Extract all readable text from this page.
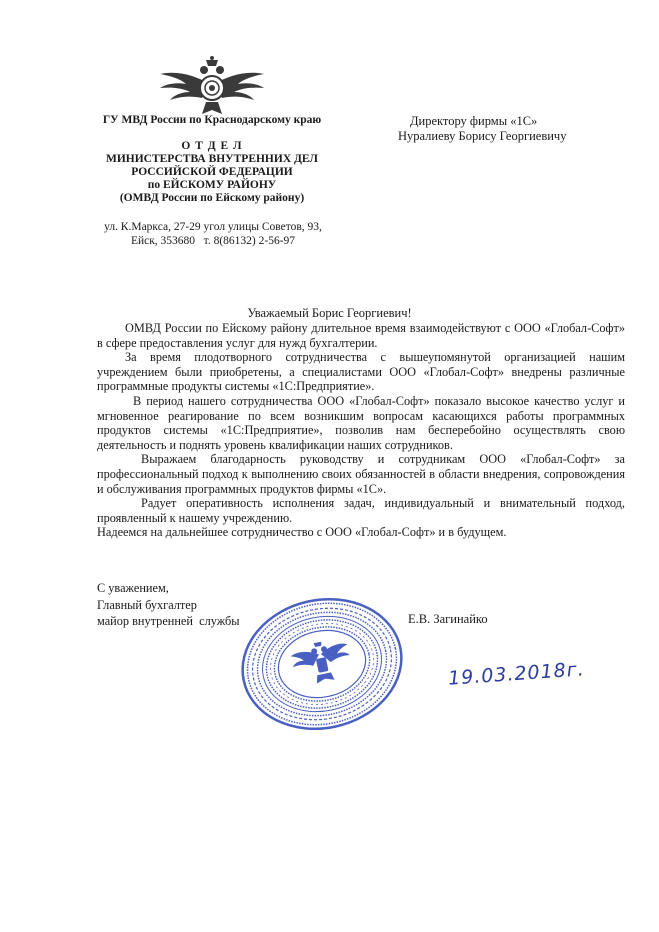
ГУ МВД России по Краснодарскому краю
О Т Д Е Л
МИНИСТЕРСТВА ВНУТРЕННИХ ДЕЛ
РОССИЙСКОЙ ФЕДЕРАЦИИ
по ЕЙСКОМУ РАЙОНУ
(ОМВД России по Ейскому району)
ул. К.Маркса, 27-29 угол улицы Советов, 93,
Ейск, 353680   т. 8(86132) 2-56-97
Директору фирмы «1С»
Нуралиеву Борису Георгиевичу
Уважаемый Борис Георгиевич!

ОМВД России по Ейскому району длительное время взаимодействуют с ООО «Глобал-Софт» в сфере предоставления услуг для нужд бухгалтерии.

За время плодотворного сотрудничества с вышеупомянутой организацией нашим учреждением были приобретены, а специалистами ООО «Глобал-Софт» внедрены различные программные продукты системы «1С:Предприятие».

В период нашего сотрудничества ООО «Глобал-Софт» показало высокое качество услуг и мгновенное реагирование по всем возникшим вопросам касающихся работы программных продуктов системы «1С:Предприятие», позволив нам бесперебойно осуществлять свою деятельность и поднять уровень квалификации наших сотрудников.

Выражаем благодарность руководству и сотрудникам ООО «Глобал-Софт» за профессиональный подход к выполнению своих обязанностей в области внедрения, сопровождения и обслуживания программных продуктов фирмы «1С».

Радует оперативность исполнения задач, индивидуальный и внимательный подход, проявленный к нашему учреждению.

Надеемся на дальнейшее сотрудничество с ООО «Глобал-Софт» и в будущем.

С уважением,
Главный бухгалтер
майор внутренней  службы	Е.В. Загинайко
19.03.2018г.
